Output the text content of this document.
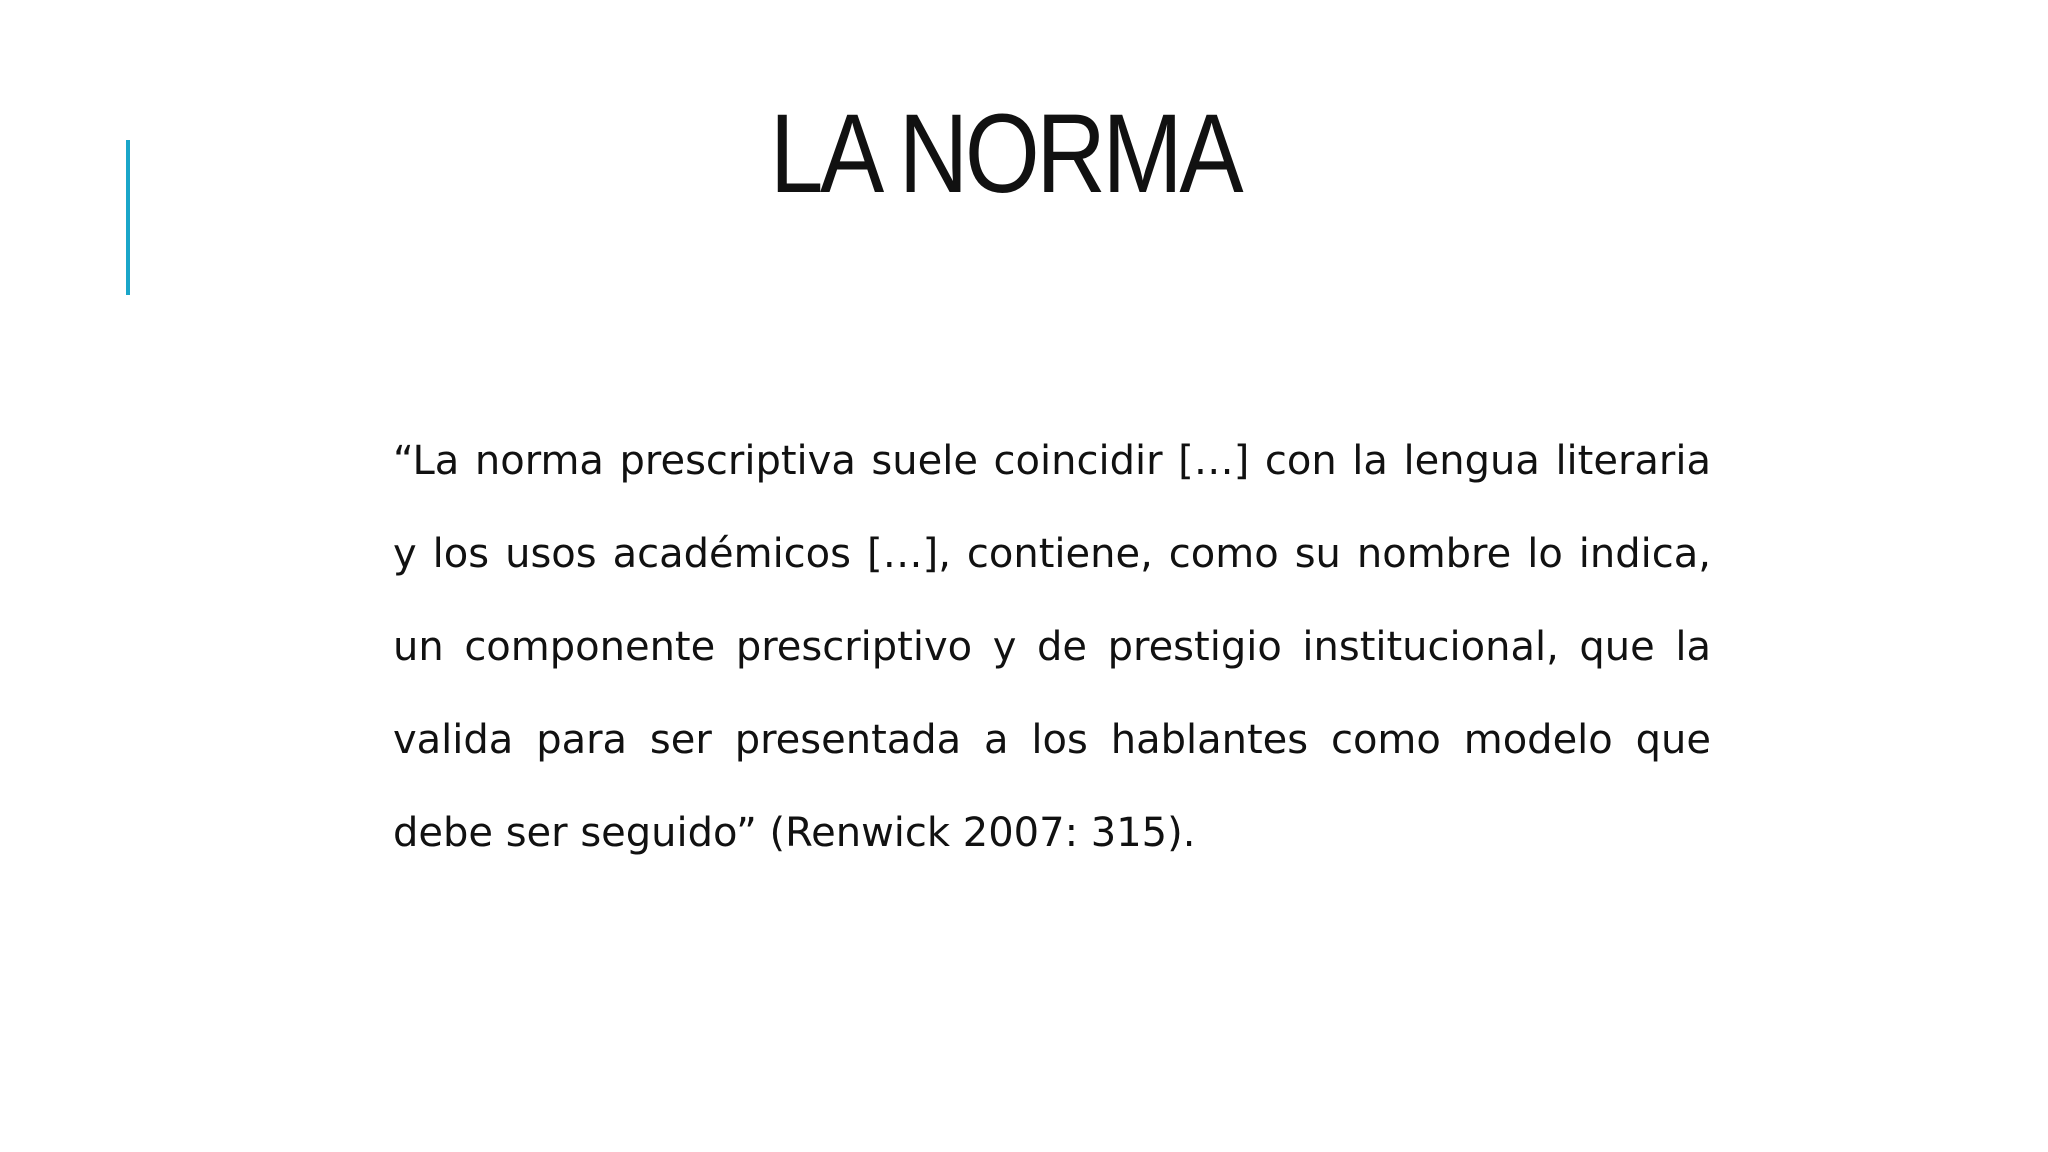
LA NORMA

“La norma prescriptiva suele coincidir […] con la lengua literaria y los usos académicos […], contiene, como su nombre lo indica, un componente prescriptivo y de prestigio institucional, que la valida para ser presentada a los hablantes como modelo que debe ser seguido” (Renwick 2007: 315).
